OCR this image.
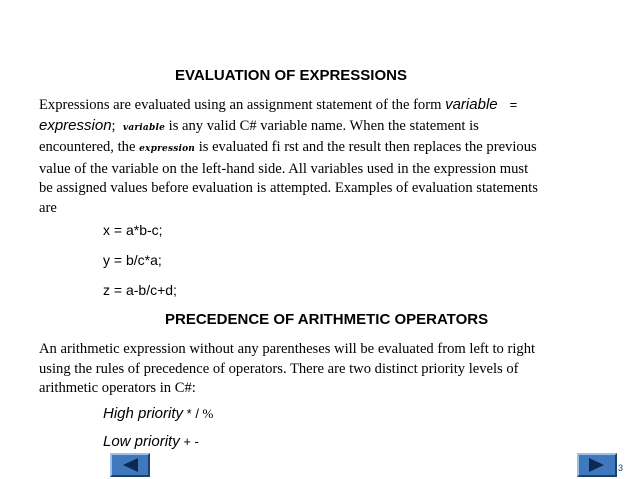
EVALUATION OF EXPRESSIONS
Expressions are evaluated using an assignment statement of the form variable =
expression; variable is any valid C# variable name. When the statement is
encountered, the expression is evaluated fi rst and the result then replaces the previous
value of the variable on the left-hand side. All variables used in the expression must
be assigned values before evaluation is attempted. Examples of evaluation statements
are
x = a*b-c;
y = b/c*a;
z = a-b/c+d;
PRECEDENCE OF ARITHMETIC OPERATORS
An arithmetic expression without any parentheses will be evaluated from left to right
using the rules of precedence of operators. There are two distinct priority levels of
arithmetic operators in C#:
High priority * / %
Low priority + -
3
